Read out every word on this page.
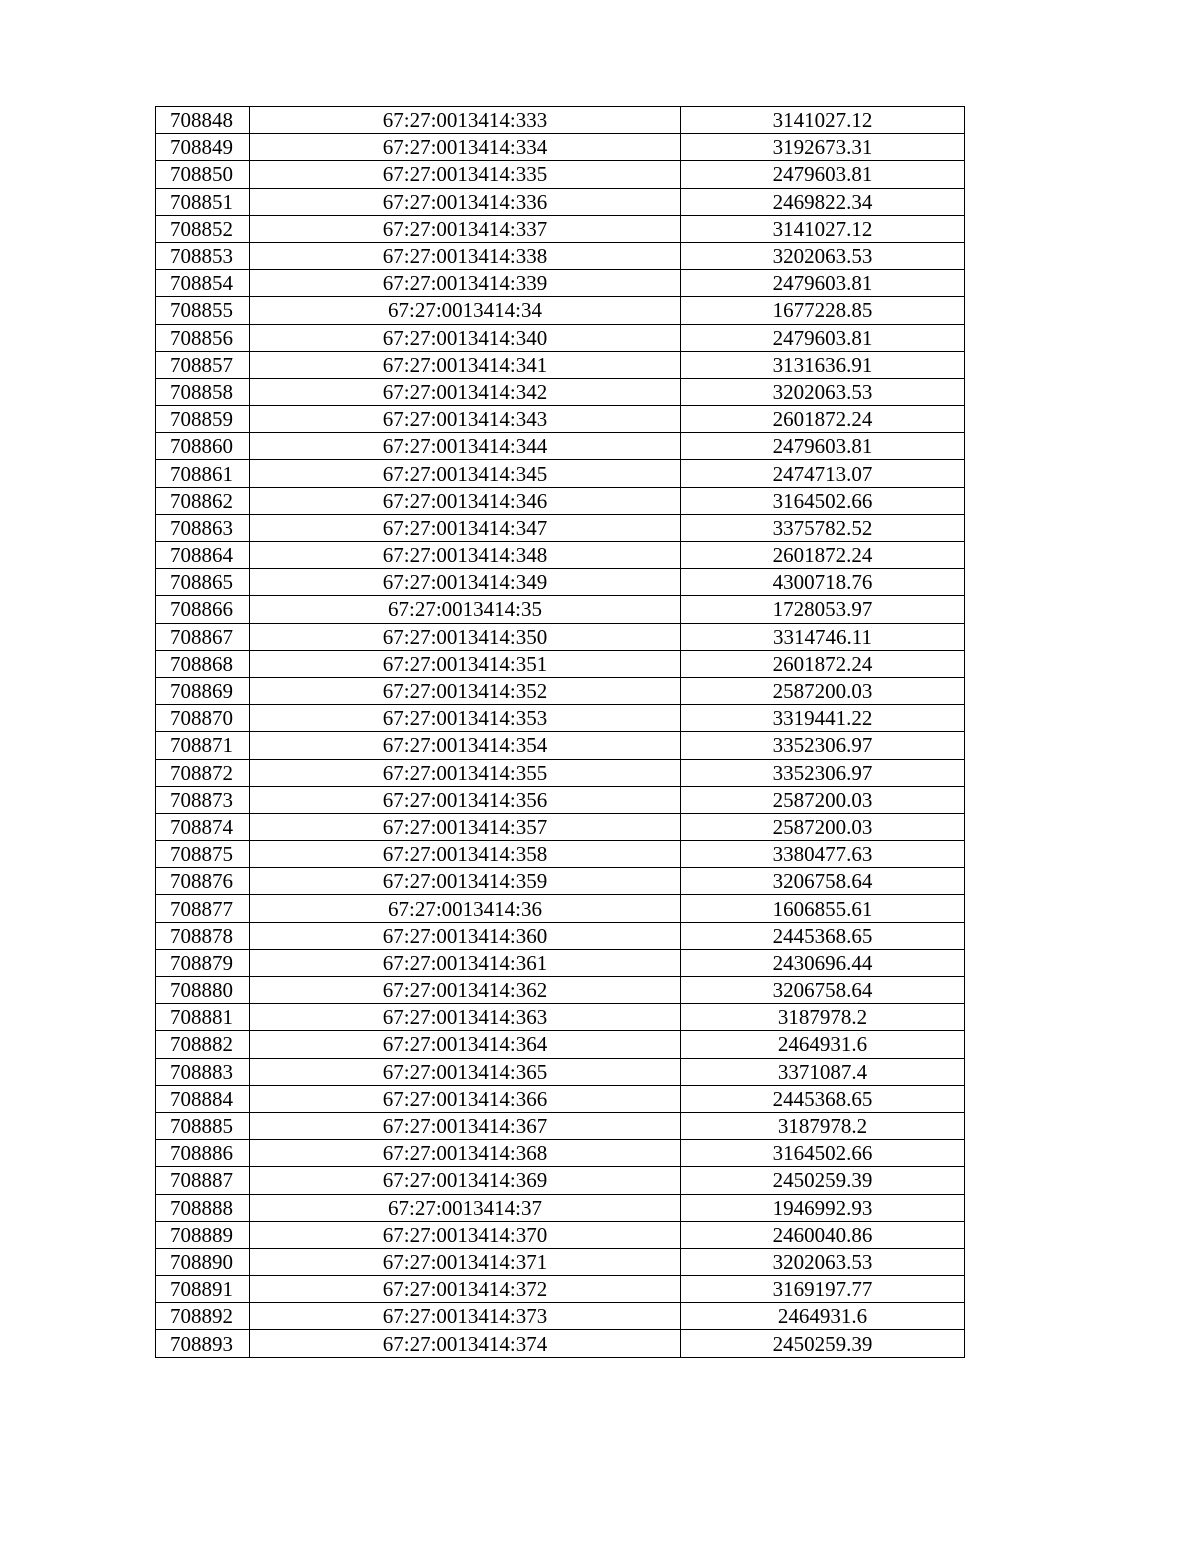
708848	67:27:0013414:333	3141027.12
708849	67:27:0013414:334	3192673.31
708850	67:27:0013414:335	2479603.81
708851	67:27:0013414:336	2469822.34
708852	67:27:0013414:337	3141027.12
708853	67:27:0013414:338	3202063.53
708854	67:27:0013414:339	2479603.81
708855	67:27:0013414:34	1677228.85
708856	67:27:0013414:340	2479603.81
708857	67:27:0013414:341	3131636.91
708858	67:27:0013414:342	3202063.53
708859	67:27:0013414:343	2601872.24
708860	67:27:0013414:344	2479603.81
708861	67:27:0013414:345	2474713.07
708862	67:27:0013414:346	3164502.66
708863	67:27:0013414:347	3375782.52
708864	67:27:0013414:348	2601872.24
708865	67:27:0013414:349	4300718.76
708866	67:27:0013414:35	1728053.97
708867	67:27:0013414:350	3314746.11
708868	67:27:0013414:351	2601872.24
708869	67:27:0013414:352	2587200.03
708870	67:27:0013414:353	3319441.22
708871	67:27:0013414:354	3352306.97
708872	67:27:0013414:355	3352306.97
708873	67:27:0013414:356	2587200.03
708874	67:27:0013414:357	2587200.03
708875	67:27:0013414:358	3380477.63
708876	67:27:0013414:359	3206758.64
708877	67:27:0013414:36	1606855.61
708878	67:27:0013414:360	2445368.65
708879	67:27:0013414:361	2430696.44
708880	67:27:0013414:362	3206758.64
708881	67:27:0013414:363	3187978.2
708882	67:27:0013414:364	2464931.6
708883	67:27:0013414:365	3371087.4
708884	67:27:0013414:366	2445368.65
708885	67:27:0013414:367	3187978.2
708886	67:27:0013414:368	3164502.66
708887	67:27:0013414:369	2450259.39
708888	67:27:0013414:37	1946992.93
708889	67:27:0013414:370	2460040.86
708890	67:27:0013414:371	3202063.53
708891	67:27:0013414:372	3169197.77
708892	67:27:0013414:373	2464931.6
708893	67:27:0013414:374	2450259.39
